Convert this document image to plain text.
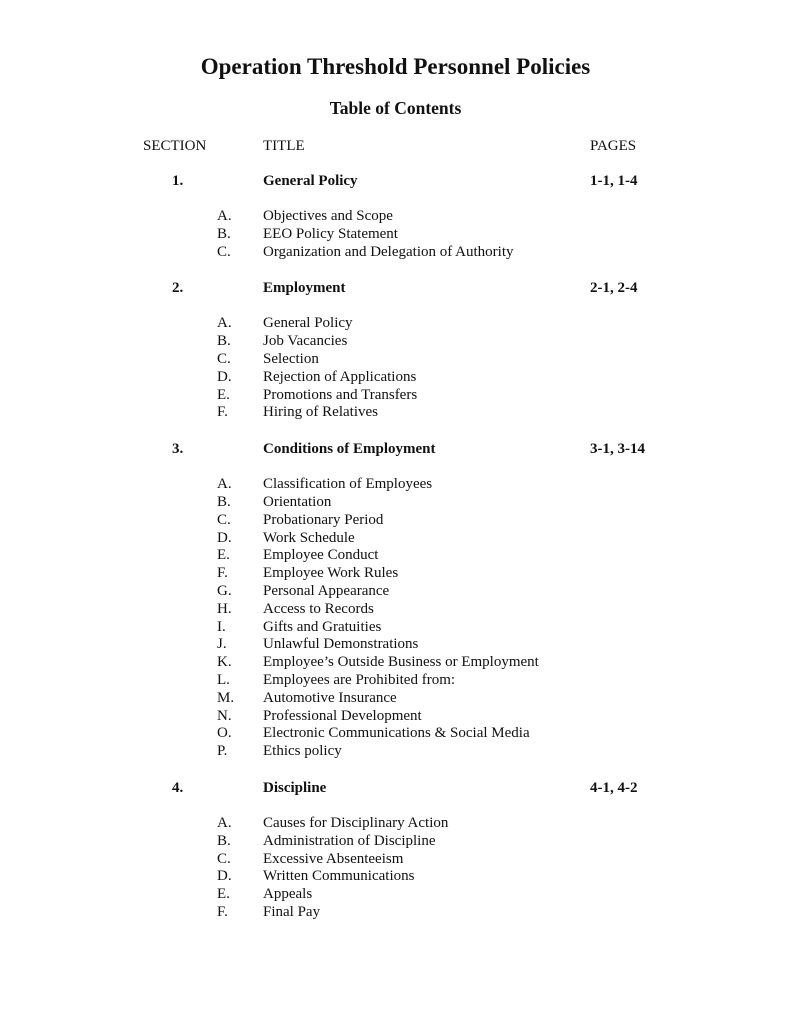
Operation Threshold Personnel Policies
Table of Contents
SECTION	TITLE	PAGES
1.	General Policy	1-1, 1-4
A. Objectives and Scope
B. EEO Policy Statement
C. Organization and Delegation of Authority
2.	Employment	2-1, 2-4
A. General Policy
B. Job Vacancies
C. Selection
D. Rejection of Applications
E. Promotions and Transfers
F. Hiring of Relatives
3.	Conditions of Employment	3-1, 3-14
A. Classification of Employees
B. Orientation
C. Probationary Period
D. Work Schedule
E. Employee Conduct
F. Employee Work Rules
G. Personal Appearance
H. Access to Records
I. Gifts and Gratuities
J. Unlawful Demonstrations
K. Employee’s Outside Business or Employment
L. Employees are Prohibited from:
M. Automotive Insurance
N. Professional Development
O. Electronic Communications & Social Media
P. Ethics policy
4.	Discipline	4-1, 4-2
A. Causes for Disciplinary Action
B. Administration of Discipline
C. Excessive Absenteeism
D. Written Communications
E. Appeals
F. Final Pay
